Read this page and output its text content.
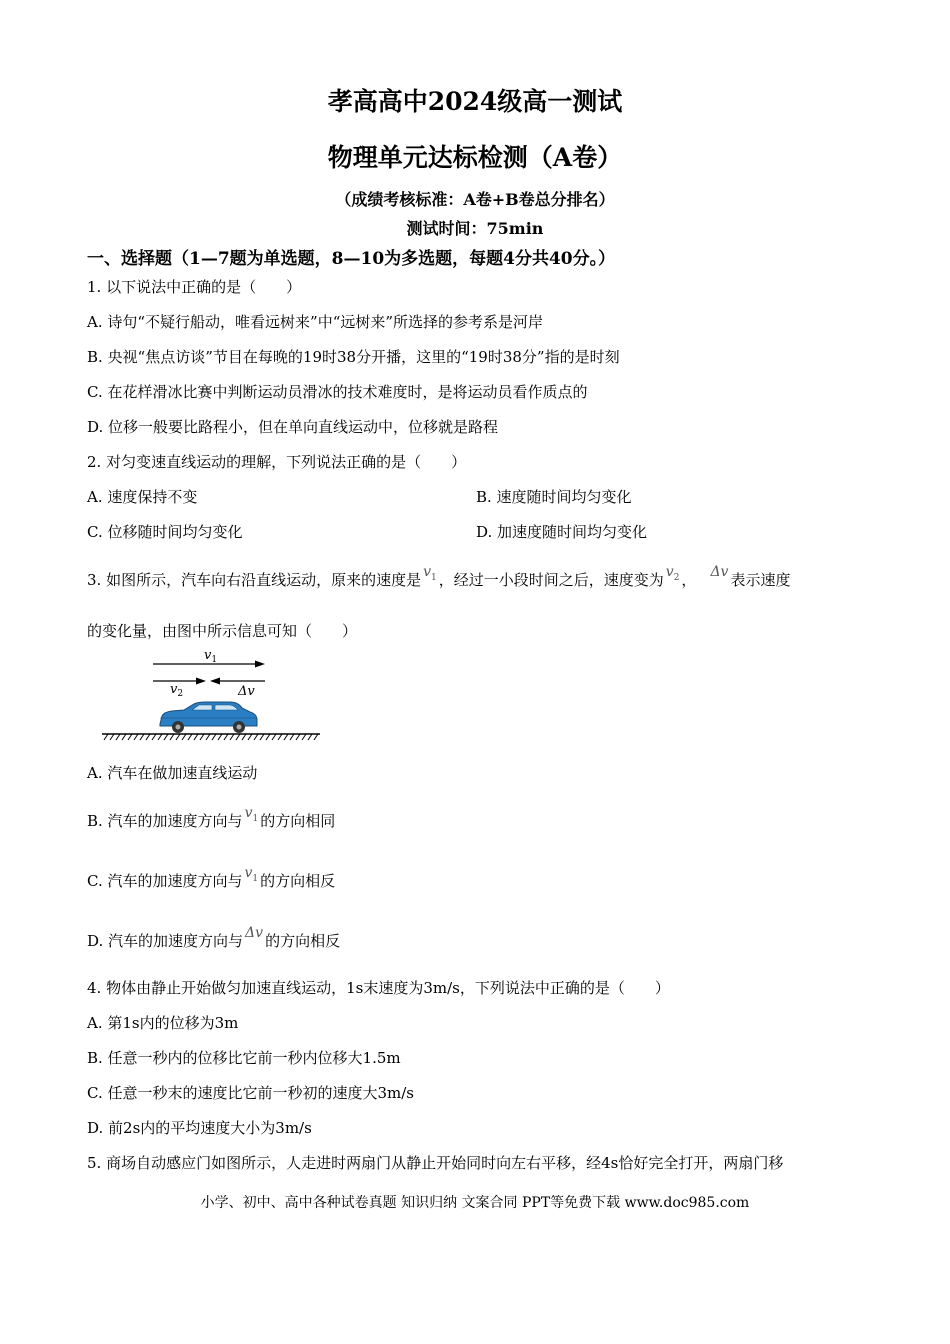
孝高高中2024级高一测试
物理单元达标检测（A卷）
（成绩考核标准：A卷+B卷总分排名）
测试时间：75min
一、选择题（1—7题为单选题，8—10为多选题，每题4分共40分。）
1. 以下说法中正确的是（　　）
A. 诗句“不疑行船动，唯看远树来”中“远树来”所选择的参考系是河岸
B. 央视“焦点访谈”节目在每晚的19时38分开播，这里的“19时38分”指的是时刻
C. 在花样滑冰比赛中判断运动员滑冰的技术难度时，是将运动员看作质点的
D. 位移一般要比路程小，但在单向直线运动中，位移就是路程
2. 对匀变速直线运动的理解，下列说法正确的是（　　）
A. 速度保持不变	B. 速度随时间均匀变化
C. 位移随时间均匀变化	D. 加速度随时间均匀变化
3. 如图所示，汽车向右沿直线运动，原来的速度是 $v_1$ ，经过一小段时间之后，速度变为 $v_2$ ， Δv 表示速度
的变化量，由图中所示信息可知（　　）
$v_1$
$v_2$	Δv
A. 汽车在做加速直线运动
B. 汽车的加速度方向与 $v_1$ 的方向相同
C. 汽车的加速度方向与 $v_1$ 的方向相反
D. 汽车的加速度方向与 Δv 的方向相反
4. 物体由静止开始做匀加速直线运动，1s末速度为3m/s，下列说法中正确的是（　　）
A. 第1s内的位移为3m
B. 任意一秒内的位移比它前一秒内位移大1.5m
C. 任意一秒末的速度比它前一秒初的速度大3m/s
D. 前2s内的平均速度大小为3m/s
5. 商场自动感应门如图所示，人走进时两扇门从静止开始同时向左右平移，经4s恰好完全打开，两扇门移
小学、初中、高中各种试卷真题 知识归纳 文案合同 PPT等免费下载 www.doc985.com
